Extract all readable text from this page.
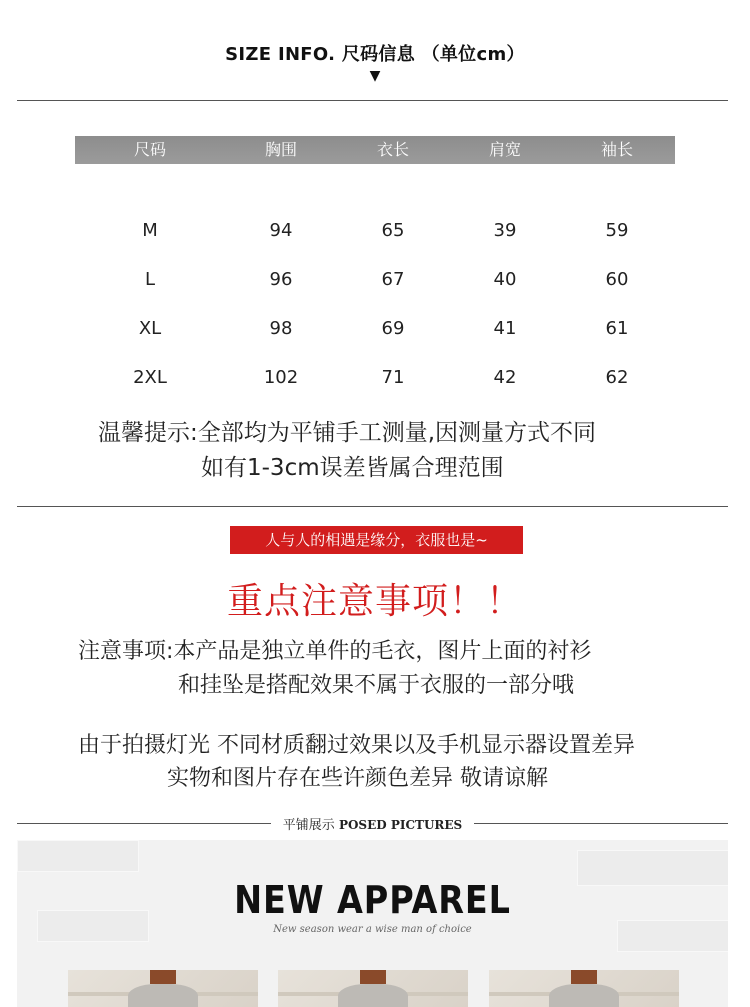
SIZE INFO. 尺码信息 （单位cm）
▼
尺码	胸围	衣长	肩宽	袖长
M	94	65	39	59
L	96	67	40	60
XL	98	69	41	61
2XL	102	71	42	62
温馨提示:全部均为平铺手工测量,因测量方式不同
如有1-3cm误差皆属合理范围
人与人的相遇是缘分，衣服也是~
重点注意事项！！
注意事项:本产品是独立单件的毛衣，图片上面的衬衫
和挂坠是搭配效果不属于衣服的一部分哦
由于拍摄灯光 不同材质翻过效果以及手机显示器设置差异
实物和图片存在些许颜色差异 敬请谅解
平铺展示 POSED PICTURES
NEW APPAREL
New season wear a wise man of choice
